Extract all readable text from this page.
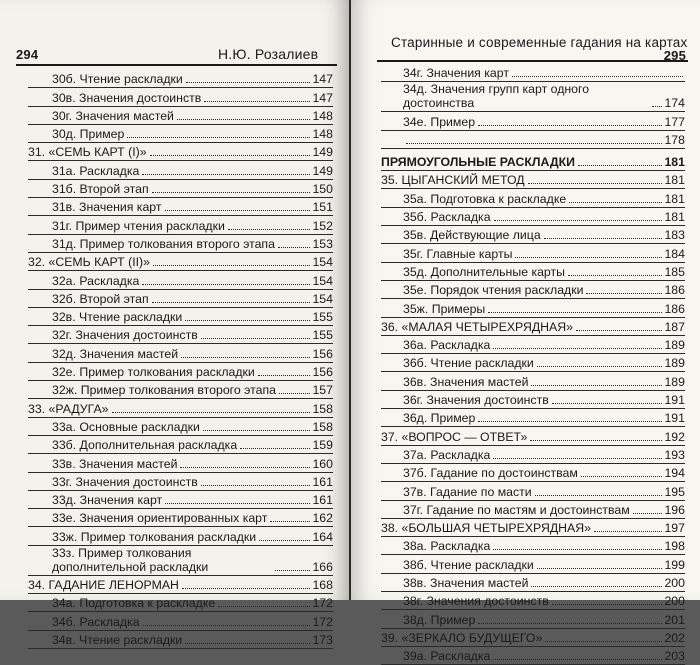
294	Н.Ю. Розалиев
30б. Чтение раскладки	147
30в. Значения достоинств	147
30г. Значения мастей	148
30д. Пример	148
31. «СЕМЬ КАРТ (I)»	149
31а. Раскладка	149
31б. Второй этап	150
31в. Значения карт	151
31г. Пример чтения раскладки	152
31д. Пример толкования второго этапа	153
32. «СЕМЬ КАРТ (II)»	154
32а. Раскладка	154
32б. Второй этап	154
32в. Чтение раскладки	155
32г. Значения достоинств	155
32д. Значения мастей	156
32е. Пример толкования раскладки	156
32ж. Пример толкования второго этапа	157
33. «РАДУГА»	158
33а. Основные раскладки	158
33б. Дополнительная раскладка	159
33в. Значения мастей	160
33г. Значения достоинств	161
33д. Значения карт	161
33е. Значения ориентированных карт	162
33ж. Пример толкования раскладки	164
33з. Пример толкования дополнительной раскладки	166
34. ГАДАНИЕ ЛЕНОРМАН	168
34а. Подготовка к раскладке	172
34б. Раскладка	172
34в. Чтение раскладки	173
Старинные и современные гадания на картах
295
34г. Значения карт
34д. Значения групп карт одного достоинства	174
34е. Пример	177
178
ПРЯМОУГОЛЬНЫЕ РАСКЛАДКИ	181
35. ЦЫГАНСКИЙ МЕТОД	181
35а. Подготовка к раскладке	181
35б. Раскладка	181
35в. Действующие лица	183
35г. Главные карты	184
35д. Дополнительные карты	185
35е. Порядок чтения раскладки	186
35ж. Примеры	186
36. «МАЛАЯ ЧЕТЫРЕХРЯДНАЯ»	187
36а. Раскладка	189
36б. Чтение раскладки	189
36в. Значения мастей	189
36г. Значения достоинств	191
36д. Пример	191
37. «ВОПРОС — ОТВЕТ»	192
37а. Раскладка	193
37б. Гадание по достоинствам	194
37в. Гадание по масти	195
37г. Гадание по мастям и достоинствам	196
38. «БОЛЬШАЯ ЧЕТЫРЕХРЯДНАЯ»	197
38а. Раскладка	198
38б. Чтение раскладки	199
38в. Значения мастей	200
38г. Значения достоинств	200
38д. Пример	201
39. «ЗЕРКАЛО БУДУЩЕГО»	202
39а. Раскладка	203
